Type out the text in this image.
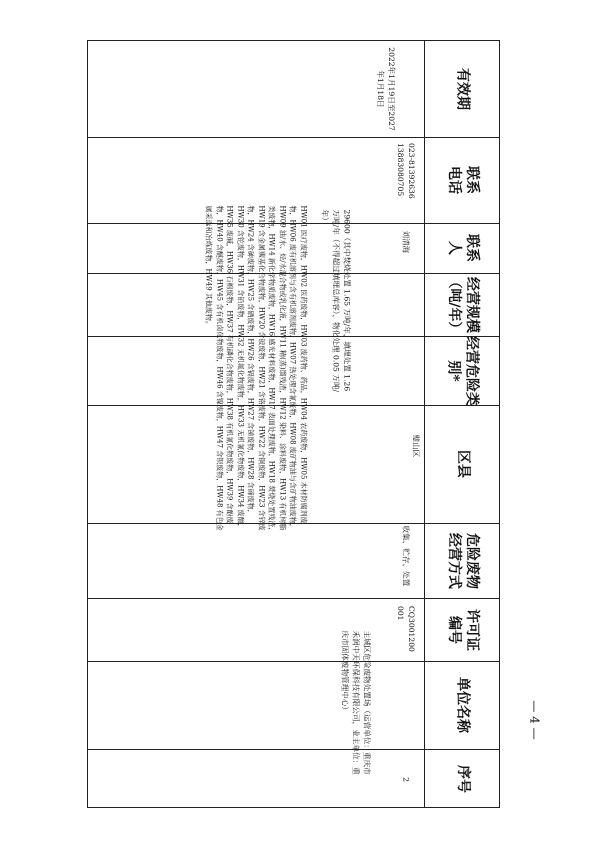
有效期
联系电话
联系人
经营规模（吨/年）
经营危险类别*
区县
危险废物经营方式
许可证编号
单位名称
序号
2022年1月19日至2027年1月18日
023-81392636 13883080705
刘清海
29600（其中焚烧处置 1.65 万吨/年，填埋处置 1.26 万吨/年（不得超过填埋总库容），物化处理 0.05 万吨/年）
HW01 医疗废物，HW02 医药废物，HW03 废药物、药品，HW04 农药废物，HW05 木材防腐剂废物，HW06 废有机溶剂与含有机溶剂废物，HW07 热处理含氰废物，HW08 废矿物油与含矿物油废物，HW09 油/水、烃/水混合物或乳化液，HW11 精(蒸)馏残渣，HW12 染料、涂料废物，HW13 有机树脂类废物，HW14 新化学物质废物，HW16 感光材料废物，HW17 表面处理废物，HW18 焚烧处置残渣，HW19 含金属羰基化合物废物，HW20 含铍废物，HW21 含铬废物，HW22 含铜废物，HW23 含锌废物，HW24 含砷废物，HW25 含硒废物，HW26 含镉废物，HW27 含锑废物，HW28 含碲废物，HW30 含铊废物，HW31 含铅废物，HW32 无机氟化物废物，HW33 无机氰化物废物，HW34 废酸，HW35 废碱，HW36 石棉废物，HW37 有机磷化合物废物，HW38 有机氰化物废物，HW39 含酚废物，HW40 含醚废物，HW45 含有机卤化物废物，HW46 含镍废物，HW47 含钡废物，HW48 有色金属采选和冶炼废物，HW49 其他废物。
璧山区
收集、贮存、处置
CQ3001200001
主城区危险废物处置场（运营单位：重庆市禾润中天环保科技有限公司，业主单位：重庆市固体废物管理中心）
2
— 4 —
